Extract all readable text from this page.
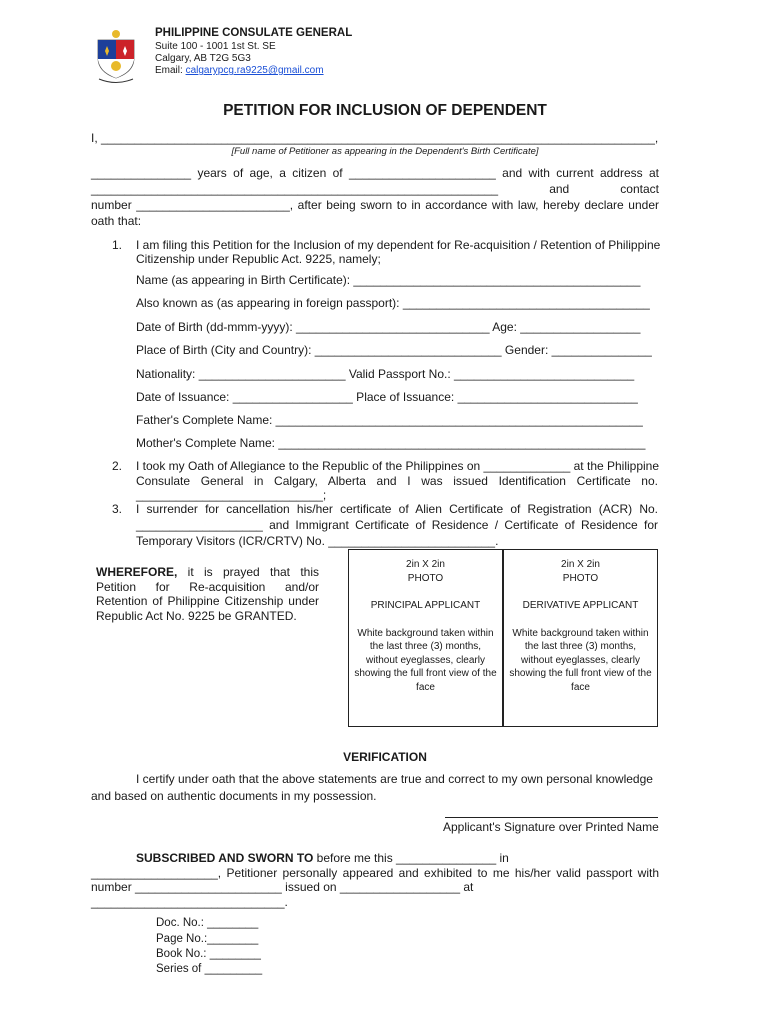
PHILIPPINE CONSULATE GENERAL
Suite 100 - 1001 1st St. SE
Calgary, AB T2G 5G3
Email: calgarypcg.ra9225@gmail.com
PETITION FOR INCLUSION OF DEPENDENT
I, ___________________________________________________________________________________,
[Full name of Petitioner as appearing in the Dependent's Birth Certificate]
_______________ years of age, a citizen of ______________________ and with current address at
_____________________________________________________________ and contact
number _______________________, after being sworn to in accordance with law, hereby declare under
oath that:
1. I am filing this Petition for the Inclusion of my dependent for Re-acquisition / Retention of Philippine
Citizenship under Republic Act. 9225, namely;
Name (as appearing in Birth Certificate): ___________________________________________
Also known as (as appearing in foreign passport): _____________________________________
Date of Birth (dd-mmm-yyyy): _____________________________ Age: __________________
Place of Birth (City and Country): ____________________________ Gender: _______________
Nationality: ______________________ Valid Passport No.: ___________________________
Date of Issuance: __________________ Place of Issuance: ___________________________
Father's Complete Name: _______________________________________________________
Mother's Complete Name: _______________________________________________________
2. I took my Oath of Allegiance to the Republic of the Philippines on _____________ at the Philippine
Consulate General in Calgary, Alberta and I was issued Identification Certificate no.
____________________________;
3. I surrender for cancellation his/her certificate of Alien Certificate of Registration (ACR) No.
___________________ and Immigrant Certificate of Residence / Certificate of Residence for
Temporary Visitors (ICR/CRTV) No. _________________________.
WHEREFORE, it is prayed that this Petition for Re-acquisition and/or Retention of Philippine Citizenship under Republic Act No. 9225 be GRANTED.
2in X 2in
PHOTO
PRINCIPAL APPLICANT
White background taken within the last three (3) months, without eyeglasses, clearly showing the full front view of the face
2in X 2in
PHOTO
DERIVATIVE APPLICANT
White background taken within the last three (3) months, without eyeglasses, clearly showing the full front view of the face
VERIFICATION
I certify under oath that the above statements are true and correct to my own personal knowledge
and based on authentic documents in my possession.
Applicant's Signature over Printed Name
SUBSCRIBED AND SWORN TO before me this _______________ in
___________________, Petitioner personally appeared and exhibited to me his/her valid passport with
number ______________________ issued on __________________ at
_____________________________.
Doc. No.: ________
Page No.:________
Book No.: ________
Series of _________
